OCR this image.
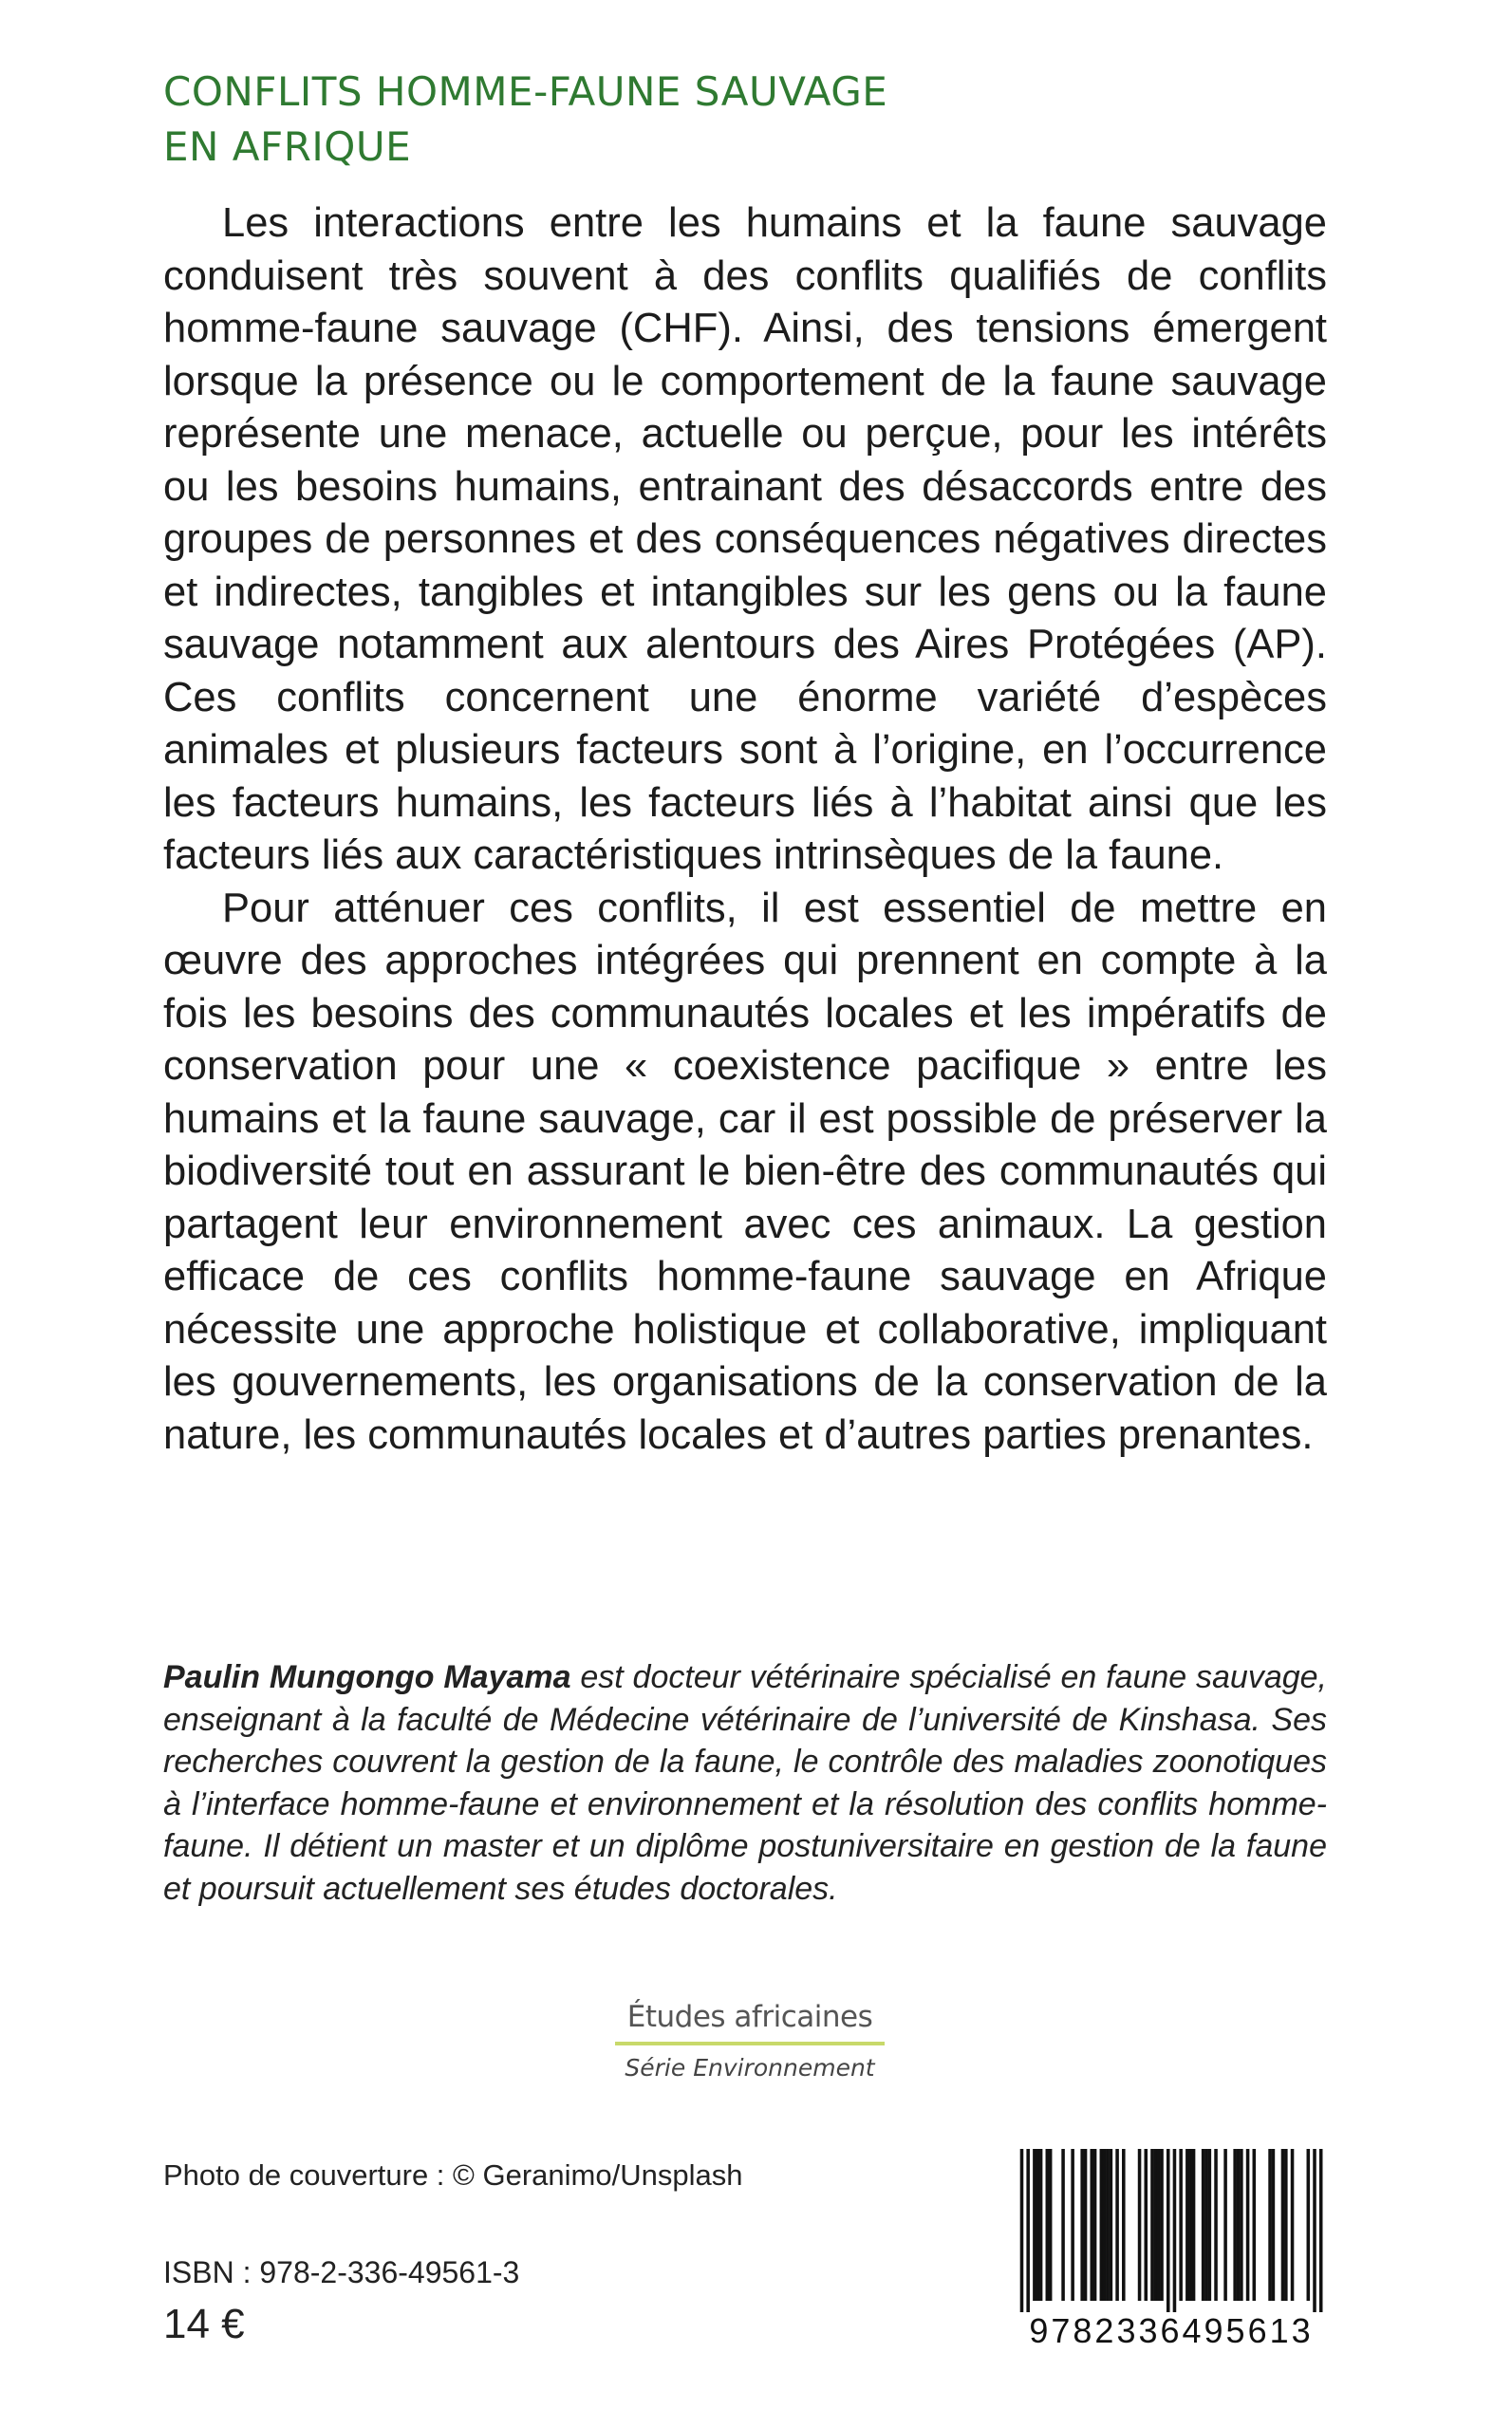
CONFLITS HOMME-FAUNE SAUVAGE
EN AFRIQUE

Les interactions entre les humains et la faune sauvage conduisent très souvent à des conflits qualifiés de conflits homme-faune sauvage (CHF). Ainsi, des tensions émergent lorsque la présence ou le comportement de la faune sauvage représente une menace, actuelle ou perçue, pour les intérêts ou les besoins humains, entrainant des désaccords entre des groupes de personnes et des conséquences négatives directes et indirectes, tangibles et intangibles sur les gens ou la faune sauvage notamment aux alentours des Aires Protégées (AP). Ces conflits concernent une énorme variété d’espèces animales et plusieurs facteurs sont à l’origine, en l’occurrence les facteurs humains, les facteurs liés à l’habitat ainsi que les facteurs liés aux caractéristiques intrinsèques de la faune.

Pour atténuer ces conflits, il est essentiel de mettre en œuvre des approches intégrées qui prennent en compte à la fois les besoins des communautés locales et les impératifs de conservation pour une « coexistence pacifique » entre les humains et la faune sauvage, car il est possible de préserver la biodiversité tout en assurant le bien-être des communautés qui partagent leur environnement avec ces animaux. La gestion efficace de ces conflits homme-faune sauvage en Afrique nécessite une approche holistique et collaborative, impliquant les gouvernements, les organisations de la conservation de la nature, les communautés locales et d’autres parties prenantes.

Paulin Mungongo Mayama est docteur vétérinaire spécialisé en faune sauvage, enseignant à la faculté de Médecine vétérinaire de l’université de Kinshasa. Ses recherches couvrent la gestion de la faune, le contrôle des maladies zoonotiques à l’interface homme-faune et environnement et la résolution des conflits homme-faune. Il détient un master et un diplôme postuniversitaire en gestion de la faune et poursuit actuellement ses études doctorales.

Études africaines
Série Environnement
Photo de couverture : © Geranimo/Unsplash
ISBN : 978-2-336-49561-3
14 €	9782336495613
